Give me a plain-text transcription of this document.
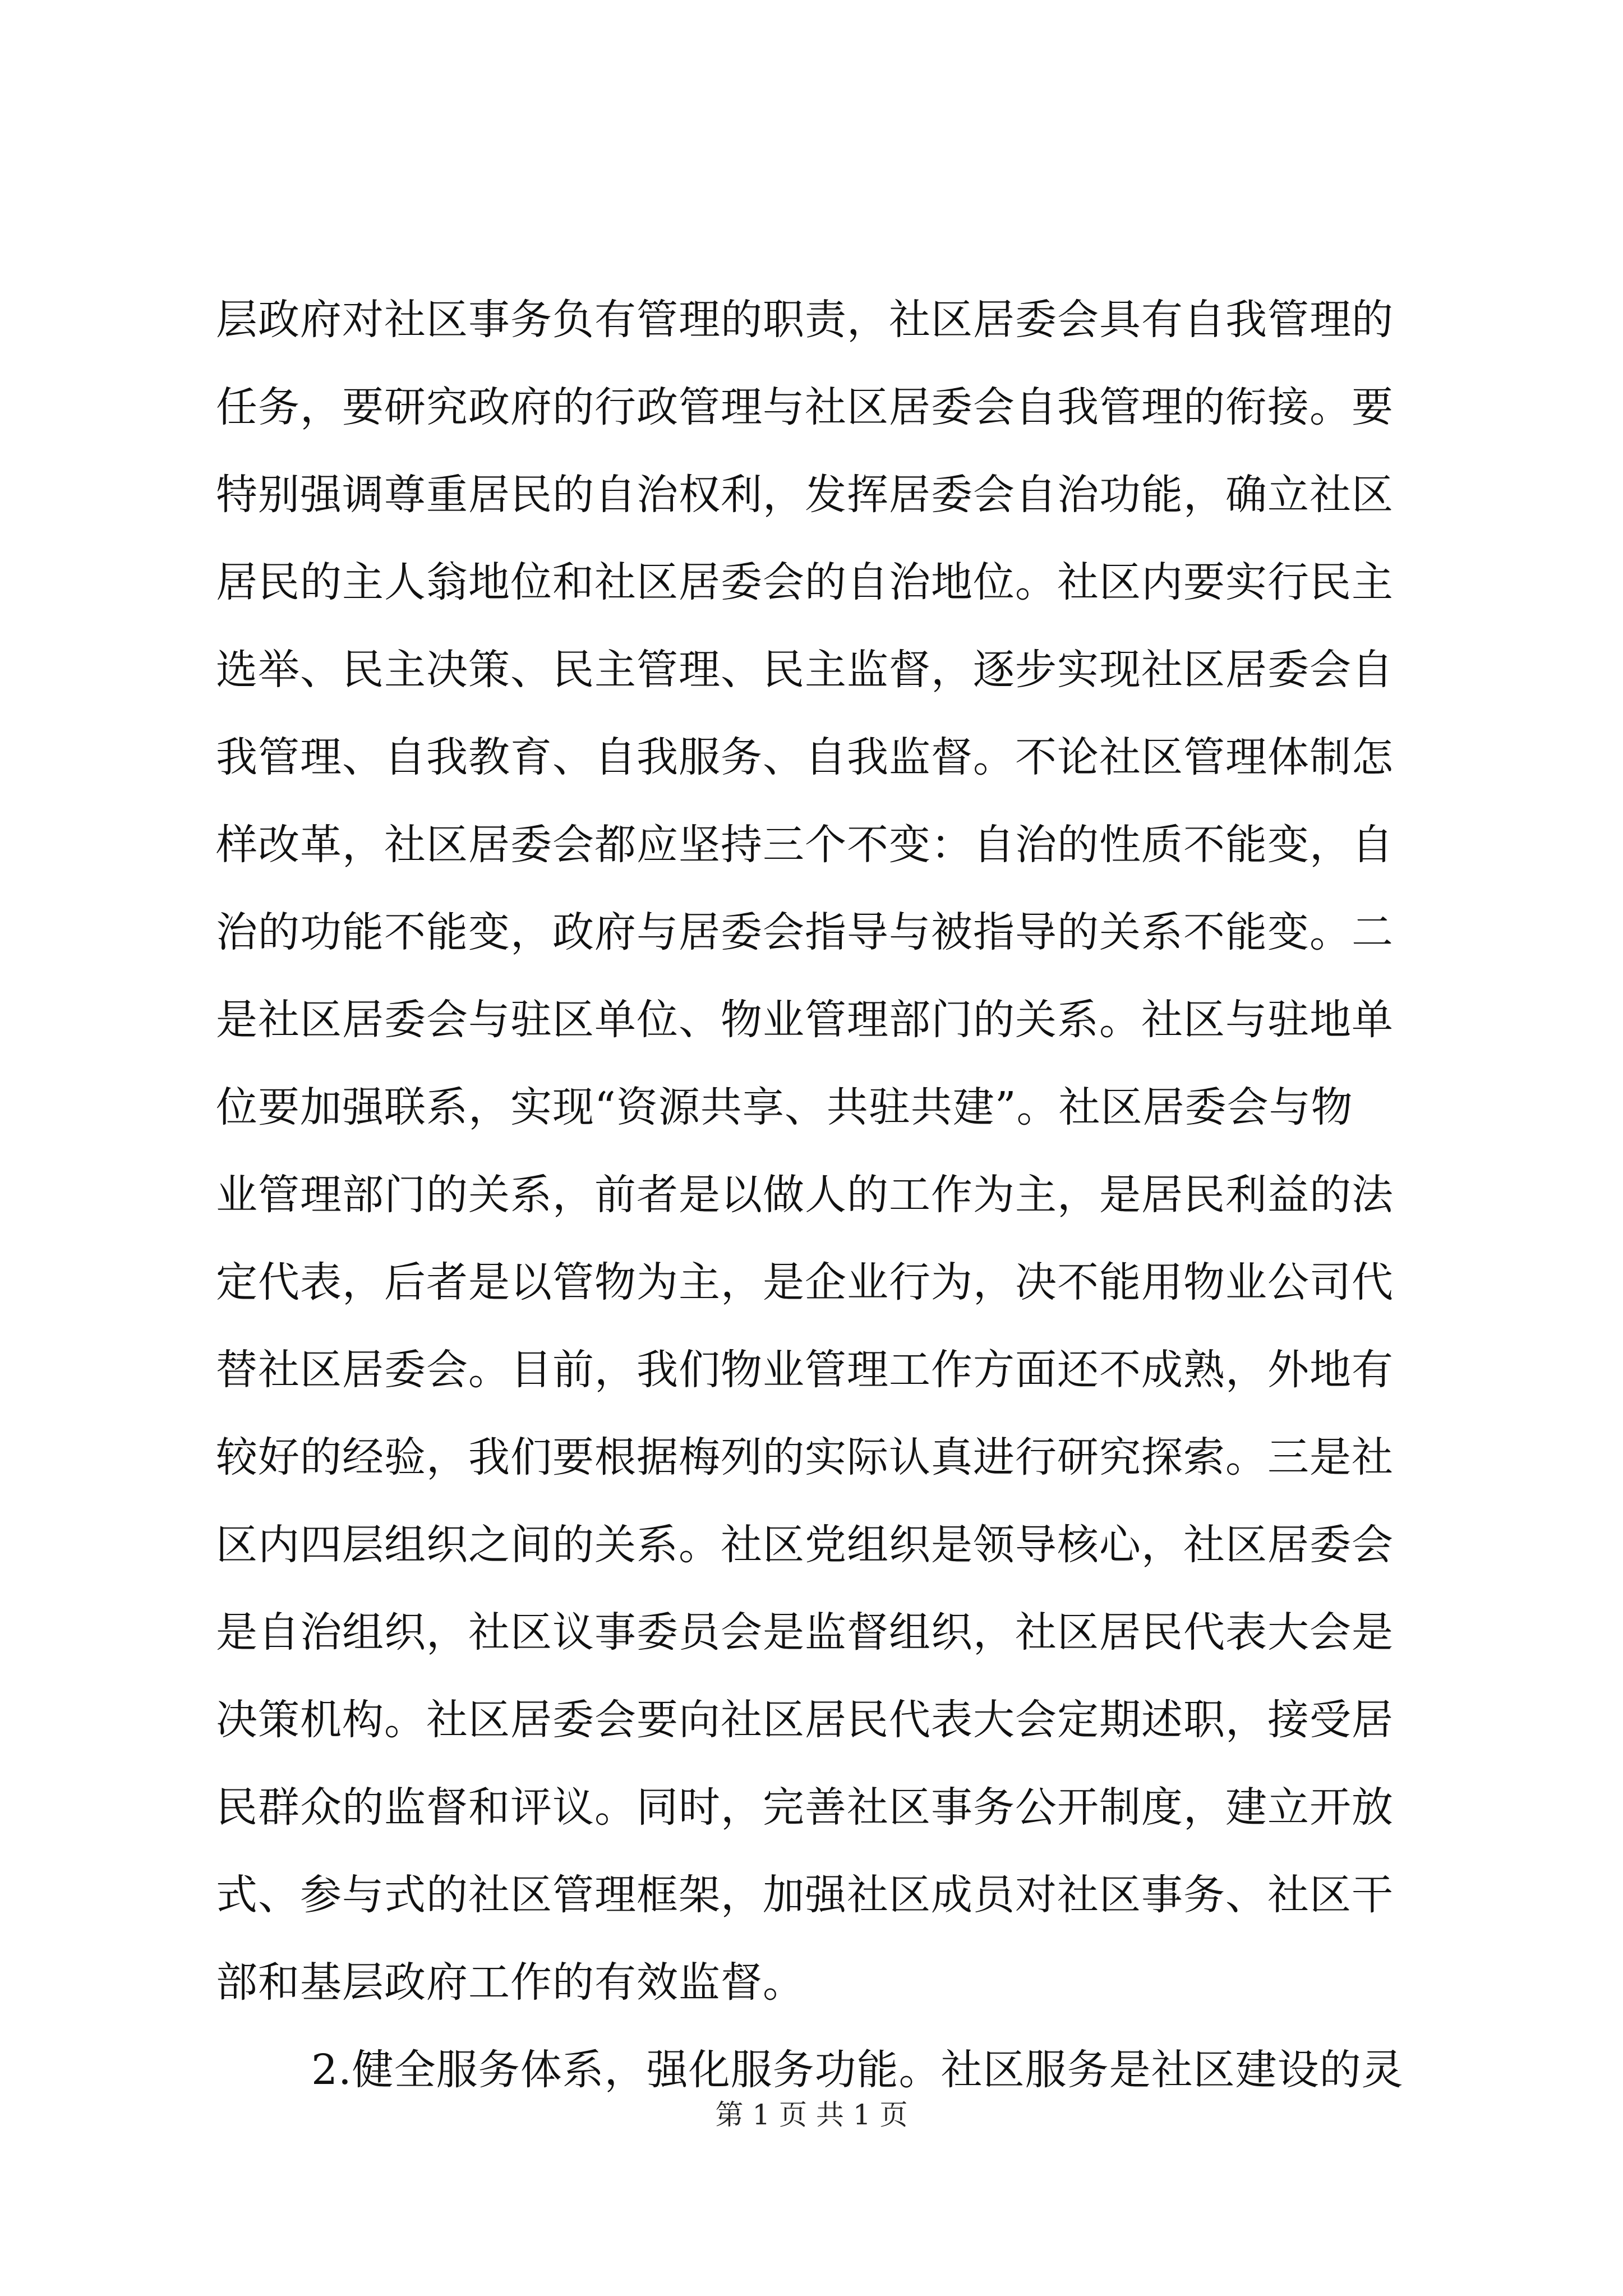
层政府对社区事务负有管理的职责，社区居委会具有自我管理的
任务，要研究政府的行政管理与社区居委会自我管理的衔接。要
特别强调尊重居民的自治权利，发挥居委会自治功能，确立社区
居民的主人翁地位和社区居委会的自治地位。社区内要实行民主
选举、民主决策、民主管理、民主监督，逐步实现社区居委会自
我管理、自我教育、自我服务、自我监督。不论社区管理体制怎
样改革，社区居委会都应坚持三个不变：自治的性质不能变，自
治的功能不能变，政府与居委会指导与被指导的关系不能变。二
是社区居委会与驻区单位、物业管理部门的关系。社区与驻地单
位要加强联系，实现“资源共享、共驻共建”。社区居委会与物
业管理部门的关系，前者是以做人的工作为主，是居民利益的法
定代表，后者是以管物为主，是企业行为，决不能用物业公司代
替社区居委会。目前，我们物业管理工作方面还不成熟，外地有
较好的经验，我们要根据梅列的实际认真进行研究探索。三是社
区内四层组织之间的关系。社区党组织是领导核心，社区居委会
是自治组织，社区议事委员会是监督组织，社区居民代表大会是
决策机构。社区居委会要向社区居民代表大会定期述职，接受居
民群众的监督和评议。同时，完善社区事务公开制度，建立开放
式、参与式的社区管理框架，加强社区成员对社区事务、社区干
部和基层政府工作的有效监督。
2.健全服务体系，强化服务功能。社区服务是社区建设的灵
第 1 页 共 1 页
